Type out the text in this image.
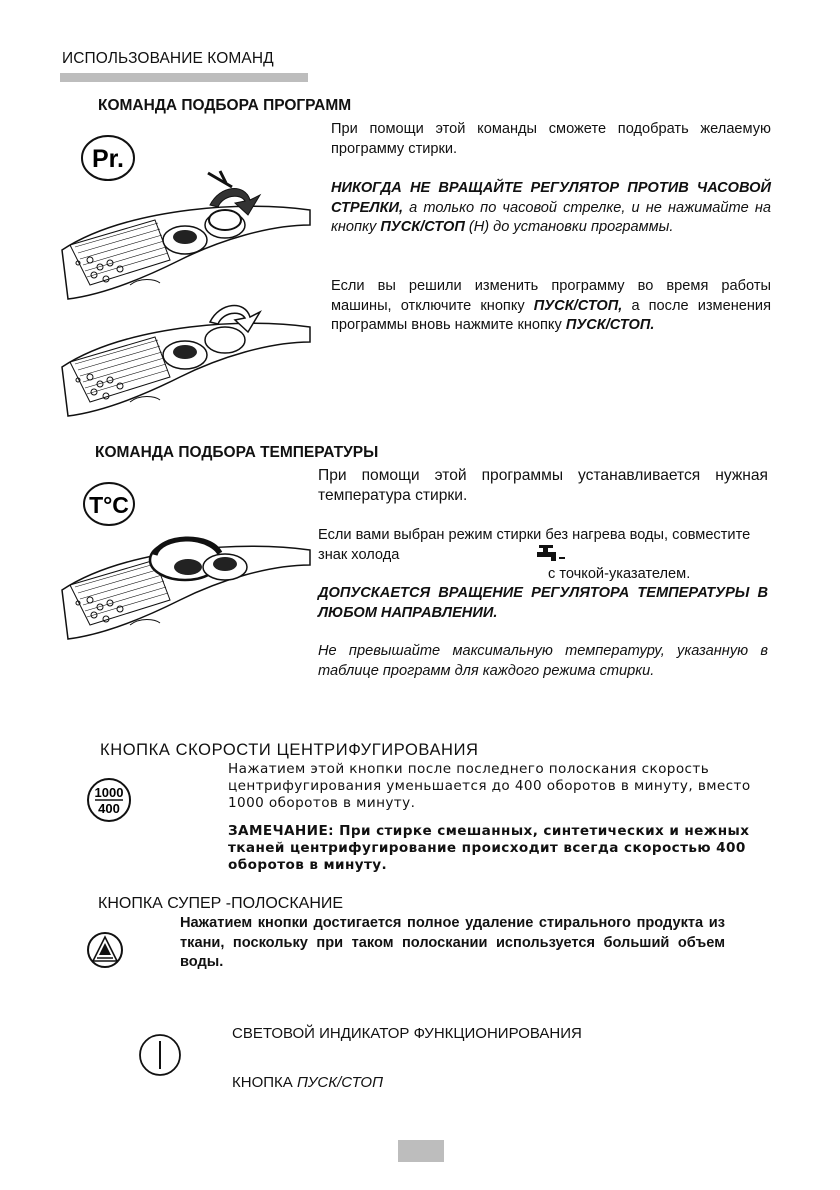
ИСПОЛЬЗОВАНИЕ КОМАНД
КОМАНДА ПОДБОРА ПРОГРАММ
Pr.
При помощи этой команды сможете подобрать желаемую программу стирки.
НИКОГДА НЕ ВРАЩАЙТЕ РЕГУЛЯТОР ПРОТИВ ЧАСОВОЙ СТРЕЛКИ, а только по часовой стрелке, и не нажимайте на кнопку ПУСК/СТОП (H) до установки программы.
Если вы решили изменить программу во время работы машины, отключите кнопку ПУСК/СТОП, а после изменения программы вновь нажмите кнопку ПУСК/СТОП.
КОМАНДА ПОДБОРА ТЕМПЕРАТУРЫ
T°C
При помощи этой программы устанавливается нужная температура стирки.
Если вами выбран режим стирки без нагрева воды, совместите знак холода
с точкой-указателем.
ДОПУСКАЕТСЯ ВРАЩЕНИЕ РЕГУЛЯТОРА ТЕМПЕРАТУРЫ В ЛЮБОМ НАПРАВЛЕНИИ.
Не превышайте максимальную температуру, указанную в таблице программ для каждого режима стирки.
КНОПКА СКОРОСТИ ЦЕНТРИФУГИРОВАНИЯ
1000
400
Нажатием этой кнопки после последнего полоскания скорость центрифугирования уменьшается до 400 оборотов в минуту, вместо 1000 оборотов в минуту.
ЗАМЕЧАНИЕ: При стирке смешанных, синтетических и нежных тканей центрифугирование происходит всегда скоростью 400 оборотов в минуту.
КНОПКА СУПЕР -ПОЛОСКАНИЕ
Нажатием кнопки достигается полное удаление стирального продукта из ткани, поскольку при таком полоскании используется больший объем воды.
СВЕТОВОЙ ИНДИКАТОР ФУНКЦИОНИРОВАНИЯ
КНОПКА ПУСК/СТОП
